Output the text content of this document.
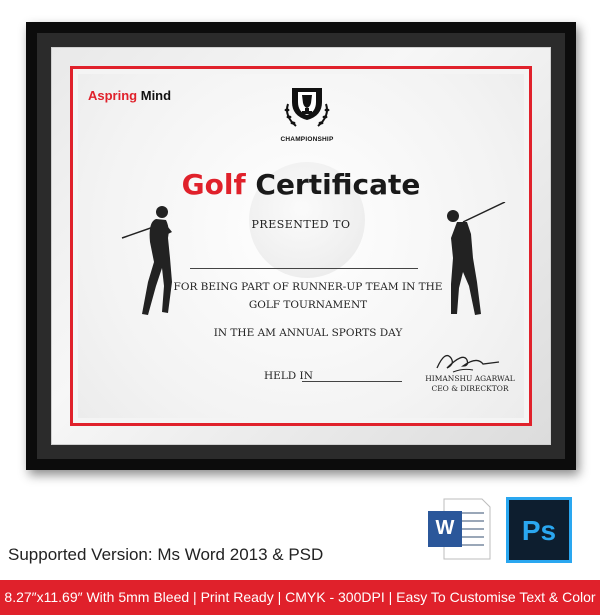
Aspring Mind
CHAMPIONSHIP
Golf Certificate
PRESENTED TO
FOR BEING PART OF RUNNER-UP TEAM IN THE
GOLF TOURNAMENT
IN THE AM ANNUAL SPORTS DAY
HELD IN	HIMANSHU AGARWAL
CEO & DIRECKTOR
W	Ps
Supported Version: Ms Word 2013 & PSD
8.27″x11.69″ With 5mm Bleed | Print Ready | CMYK - 300DPI | Easy To Customise Text & Color
